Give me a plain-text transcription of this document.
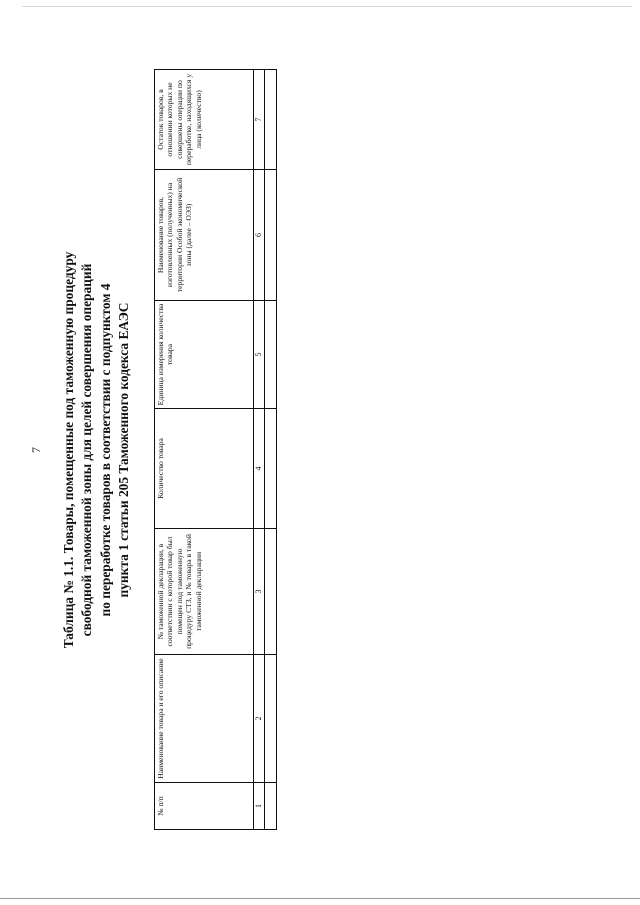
7 Таблица № 1.1. Товары, помещенные под таможенную процедуру свободной таможенной зоны для целей совершения операций по переработке товаров в соответствии с подпунктом 4 пункта 1 статьи 205 Таможенного кодекса ЕАЭС
№ п/п	Наименование товара и его описание	№ таможенной декларации, в соответствии с которой товар был помещен под таможенную процедуру СТЗ, и № товара в такой таможенной декларации	Количество товара	Единица измерения количества товара	Наименование товаров, изготовленных (полученных) на территории Особой экономической зоны (далее – ОЭЗ)	Остаток товаров, в отношении которых не совершены операции по переработке, находящихся у лица (количество)
1	2	3	4	5	6	7
